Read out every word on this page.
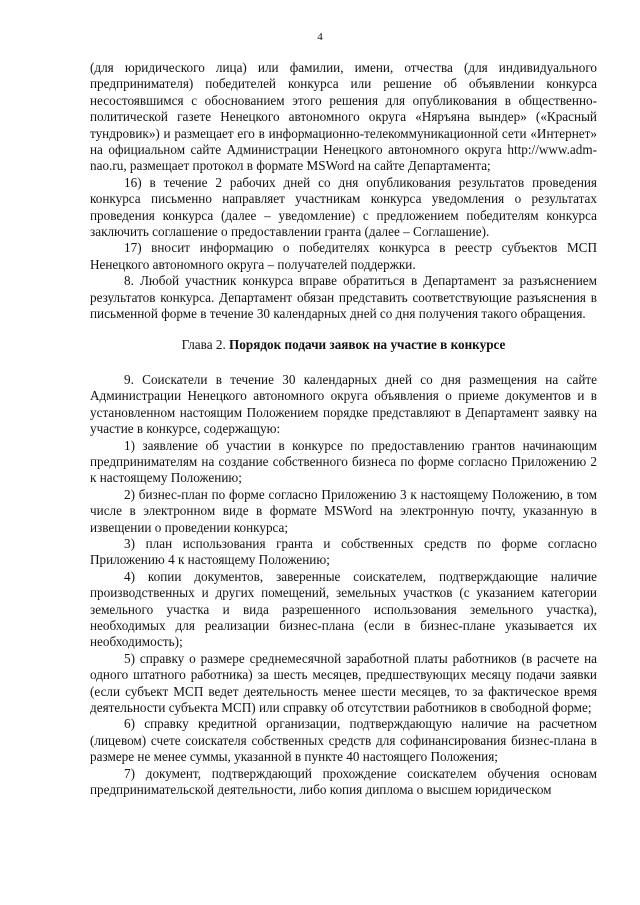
4

(для юридического лица) или фамилии, имени, отчества (для индивидуального предпринимателя) победителей конкурса или решение об объявлении конкурса несостоявшимся с обоснованием этого решения для опубликования в общественно-политической газете Ненецкого автономного округа «Няръяна вындер» («Красный тундровик») и размещает его в информационно-телекоммуникационной сети «Интернет» на официальном сайте Администрации Ненецкого автономного округа http://www.adm-nao.ru, размещает протокол в формате MSWord на сайте Департамента;

16) в течение 2 рабочих дней со дня опубликования результатов проведения конкурса письменно направляет участникам конкурса уведомления о результатах проведения конкурса (далее – уведомление) с предложением победителям конкурса заключить соглашение о предоставлении гранта (далее – Соглашение).

17) вносит информацию о победителях конкурса в реестр субъектов МСП Ненецкого автономного округа – получателей поддержки.

8. Любой участник конкурса вправе обратиться в Департамент за разъяснением результатов конкурса. Департамент обязан представить соответствующие разъяснения в письменной форме в течение 30 календарных дней со дня получения такого обращения.

Глава 2. Порядок подачи заявок на участие в конкурсе

9. Соискатели в течение 30 календарных дней со дня размещения на сайте Администрации Ненецкого автономного округа объявления о приеме документов и в установленном настоящим Положением порядке представляют в Департамент заявку на участие в конкурсе, содержащую:

1) заявление об участии в конкурсе по предоставлению грантов начинающим предпринимателям на создание собственного бизнеса по форме согласно Приложению 2 к настоящему Положению;

2) бизнес-план по форме согласно Приложению 3 к настоящему Положению, в том числе в электронном виде в формате MSWord на электронную почту, указанную в извещении о проведении конкурса;

3) план использования гранта и собственных средств по форме согласно Приложению 4 к настоящему Положению;

4) копии документов, заверенные соискателем, подтверждающие наличие производственных и других помещений, земельных участков (с указанием категории земельного участка и вида разрешенного использования земельного участка), необходимых для реализации бизнес-плана (если в бизнес-плане указывается их необходимость);

5) справку о размере среднемесячной заработной платы работников (в расчете на одного штатного работника) за шесть месяцев, предшествующих месяцу подачи заявки (если субъект МСП ведет деятельность менее шести месяцев, то за фактическое время деятельности субъекта МСП) или справку об отсутствии работников в свободной форме;

6) справку кредитной организации, подтверждающую наличие на расчетном (лицевом) счете соискателя собственных средств для софинансирования бизнес-плана в размере не менее суммы, указанной в пункте 40 настоящего Положения;

7) документ, подтверждающий прохождение соискателем обучения основам предпринимательской деятельности, либо копия диплома о высшем юридическом
